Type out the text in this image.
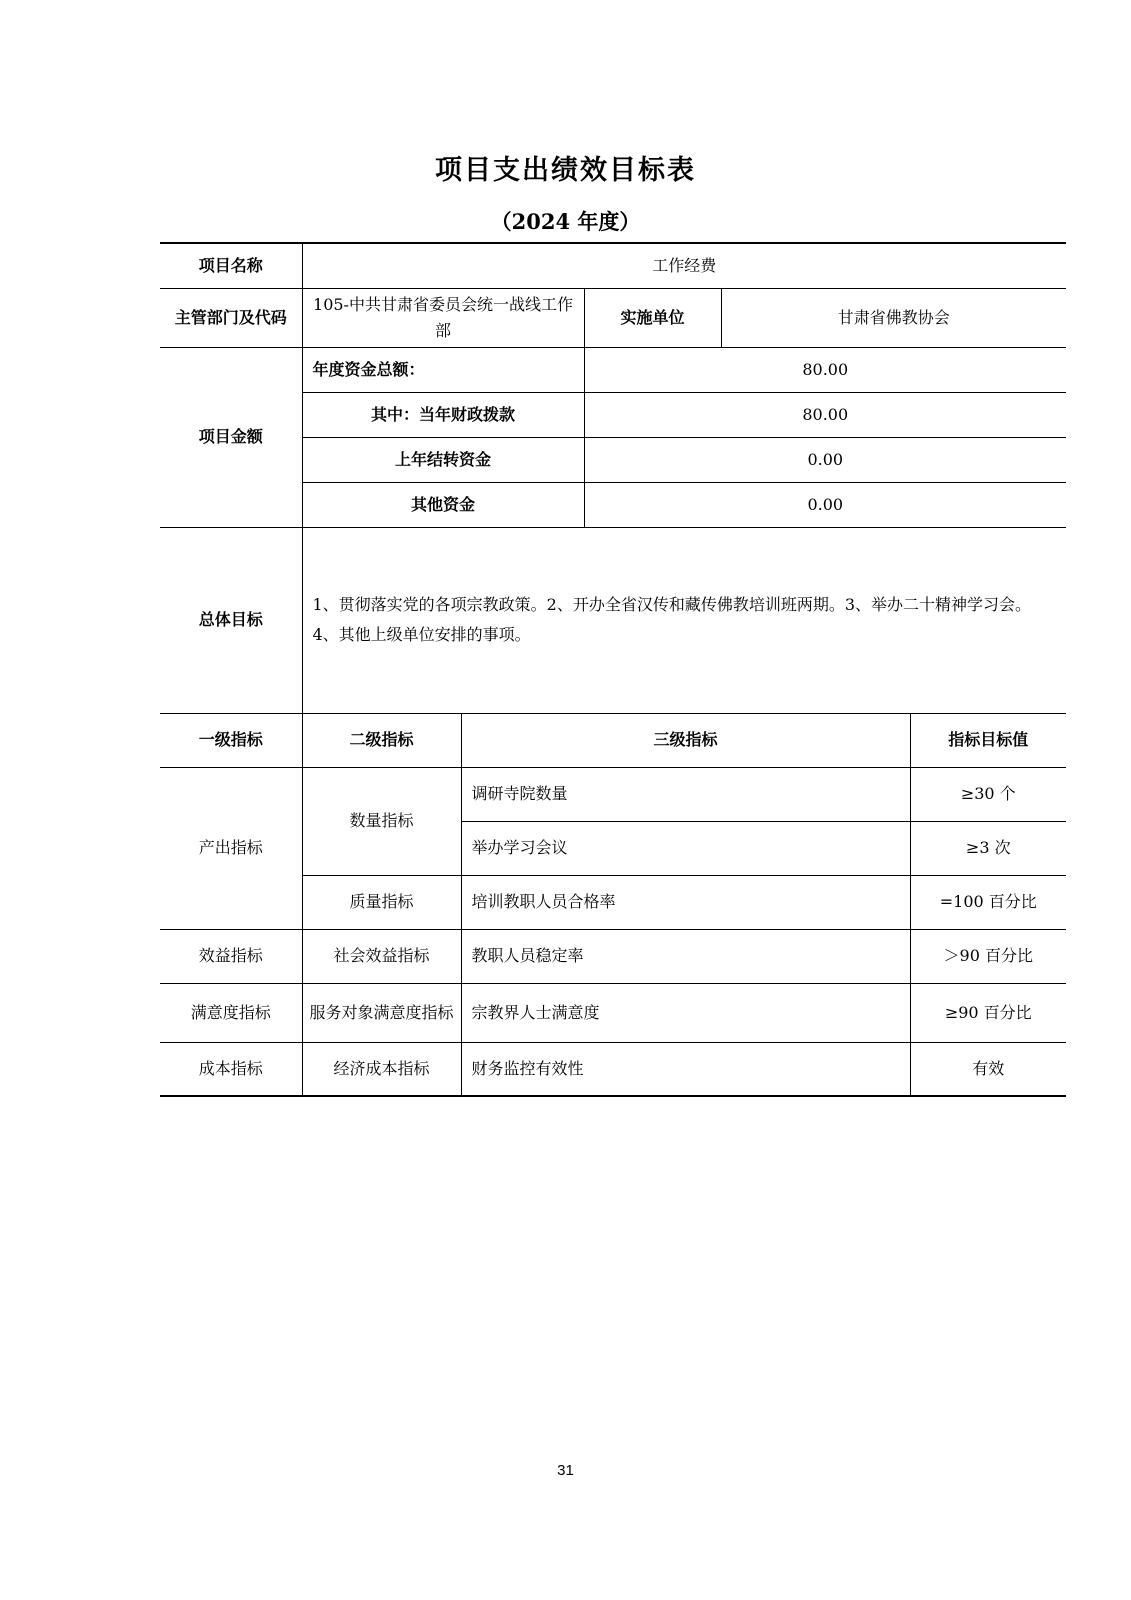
项目支出绩效目标表
（2024 年度）
项目名称	工作经费				
主管部门及代码	105-中共甘肃省委员会统一战线工作部		实施单位	甘肃省佛教协会	
项目金额	年度资金总额：		80.00		
	其中：当年财政拨款		80.00		
	上年结转资金		0.00		
	其他资金		0.00		
总体目标	1、贯彻落实党的各项宗教政策。2、开办全省汉传和藏传佛教培训班两期。3、举办二十精神学习会。4、其他上级单位安排的事项。				
一级指标	二级指标	三级指标			指标目标值
产出指标	数量指标	调研寺院数量			≥30 个
		举办学习会议			≥3 次
	质量指标	培训教职人员合格率			=100 百分比
效益指标	社会效益指标	教职人员稳定率			＞90 百分比
满意度指标	服务对象满意度指标	宗教界人士满意度			≥90 百分比
成本指标	经济成本指标	财务监控有效性			有效
31
